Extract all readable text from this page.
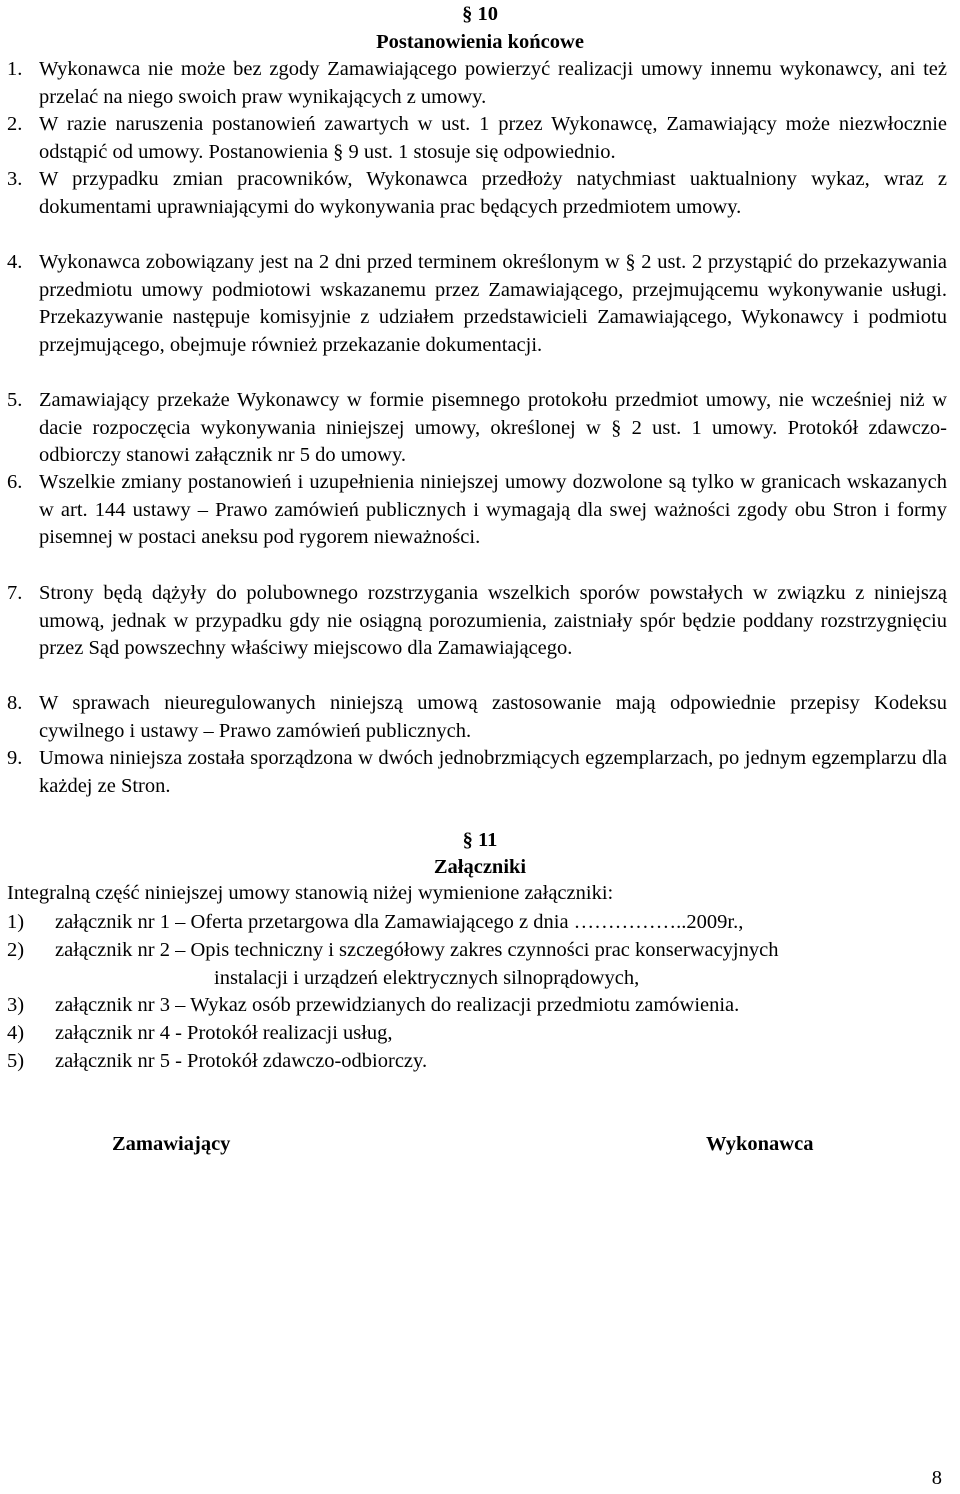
§ 10
Postanowienia końcowe
1. Wykonawca nie może bez zgody Zamawiającego powierzyć realizacji umowy innemu wykonawcy, ani też przelać na niego swoich praw wynikających z umowy.
2. W razie naruszenia postanowień zawartych w ust. 1 przez Wykonawcę, Zamawiający może niezwłocznie odstąpić od umowy. Postanowienia § 9 ust. 1 stosuje się odpowiednio.
3. W przypadku zmian pracowników, Wykonawca przedłoży natychmiast uaktualniony wykaz, wraz z dokumentami uprawniającymi do wykonywania prac będących przedmiotem umowy.
4. Wykonawca zobowiązany jest na 2 dni przed terminem określonym w § 2 ust. 2 przystąpić do przekazywania przedmiotu umowy podmiotowi wskazanemu przez Zamawiającego, przejmującemu wykonywanie usługi. Przekazywanie następuje komisyjnie z udziałem przedstawicieli Zamawiającego, Wykonawcy i podmiotu przejmującego, obejmuje również przekazanie dokumentacji.
5. Zamawiający przekaże Wykonawcy w formie pisemnego protokołu przedmiot umowy, nie wcześniej niż w dacie rozpoczęcia wykonywania niniejszej umowy, określonej w § 2 ust. 1 umowy. Protokół zdawczo-odbiorczy stanowi załącznik nr 5 do umowy.
6. Wszelkie zmiany postanowień i uzupełnienia niniejszej umowy dozwolone są tylko w granicach wskazanych w art. 144 ustawy – Prawo zamówień publicznych i wymagają dla swej ważności zgody obu Stron i formy pisemnej w postaci aneksu pod rygorem nieważności.
7. Strony będą dążyły do polubownego rozstrzygania wszelkich sporów powstałych w związku z niniejszą umową, jednak w przypadku gdy nie osiągną porozumienia, zaistniały spór będzie poddany rozstrzygnięciu przez Sąd powszechny właściwy miejscowo dla Zamawiającego.
8. W sprawach nieuregulowanych niniejszą umową zastosowanie mają odpowiednie przepisy Kodeksu cywilnego i ustawy – Prawo zamówień publicznych.
9. Umowa niniejsza została sporządzona w dwóch jednobrzmiących egzemplarzach, po jednym egzemplarzu dla każdej ze Stron.
§ 11
Załączniki
Integralną część niniejszej umowy stanowią niżej wymienione załączniki:
1)	załącznik nr 1 – Oferta przetargowa dla Zamawiającego z dnia ……………..2009r.,
2)	załącznik nr 2 – Opis techniczny i szczegółowy zakres czynności prac konserwacyjnych
instalacji i urządzeń elektrycznych silnoprądowych,
3)	załącznik nr 3 – Wykaz osób przewidzianych do realizacji przedmiotu zamówienia.
4)	załącznik nr 4 - Protokół realizacji usług,
5)	załącznik nr 5 - Protokół zdawczo-odbiorczy.
Zamawiający	Wykonawca
8
